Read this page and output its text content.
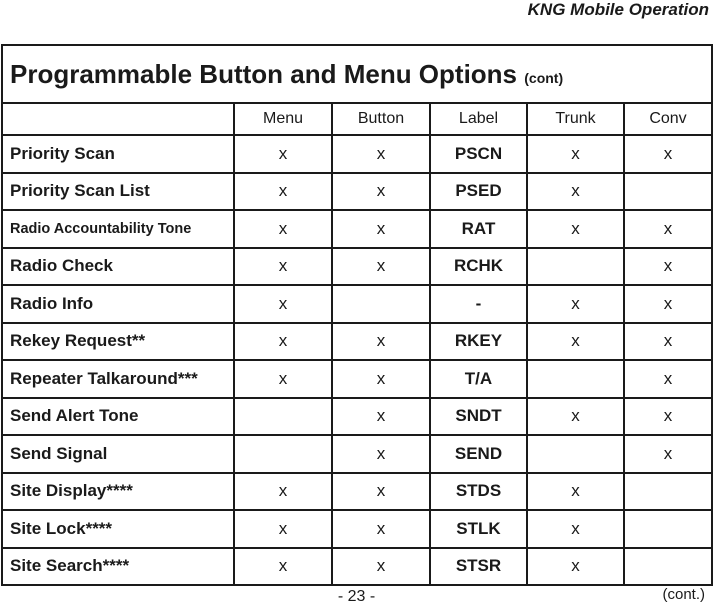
KNG Mobile Operation
Programmable Button and Menu Options (cont)					
	Menu	Button	Label	Trunk	Conv
Priority Scan	x	x	PSCN	x	x
Priority Scan List	x	x	PSED	x	
Radio Accountability Tone	x	x	RAT	x	x
Radio Check	x	x	RCHK		x
Radio Info	x		-	x	x
Rekey Request**	x	x	RKEY	x	x
Repeater Talkaround***	x	x	T/A		x
Send Alert Tone		x	SNDT	x	x
Send Signal		x	SEND		x
Site Display****	x	x	STDS	x	
Site Lock****	x	x	STLK	x	
Site Search****	x	x	STSR	x	
- 23 -	(cont.)
